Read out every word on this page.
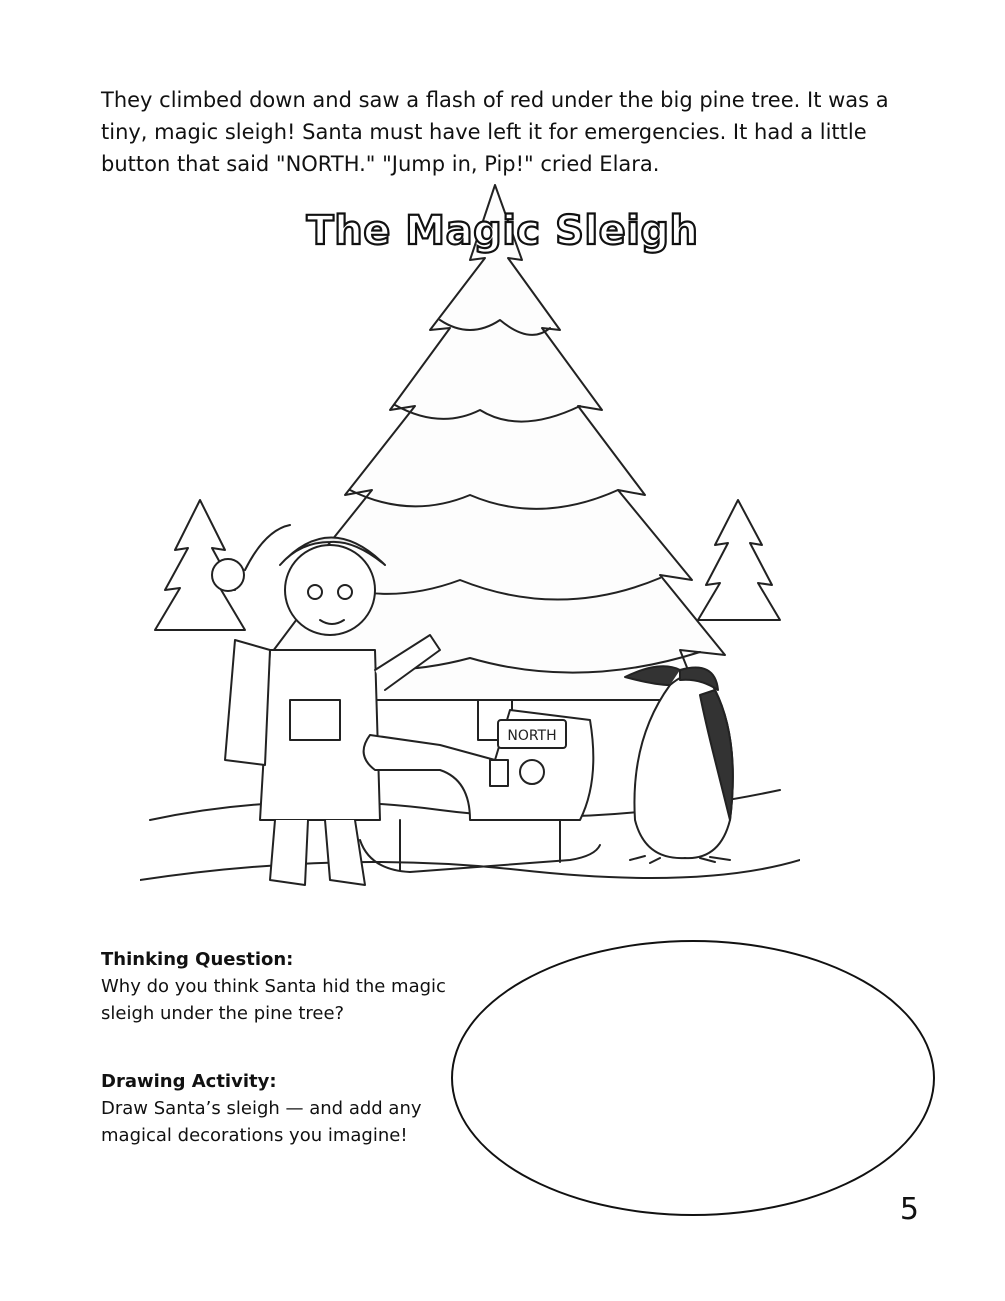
They climbed down and saw a flash of red under the big pine tree. It was a tiny, magic sleigh! Santa must have left it for emergencies. It had a little button that said "NORTH." "Jump in, Pip!" cried Elara.

NORTH
The Magic Sleigh
Thinking Question:

Why do you think Santa hid the magic sleigh under the pine tree?

Drawing Activity:

Draw Santa’s sleigh — and add any magical decorations you imagine!

5
